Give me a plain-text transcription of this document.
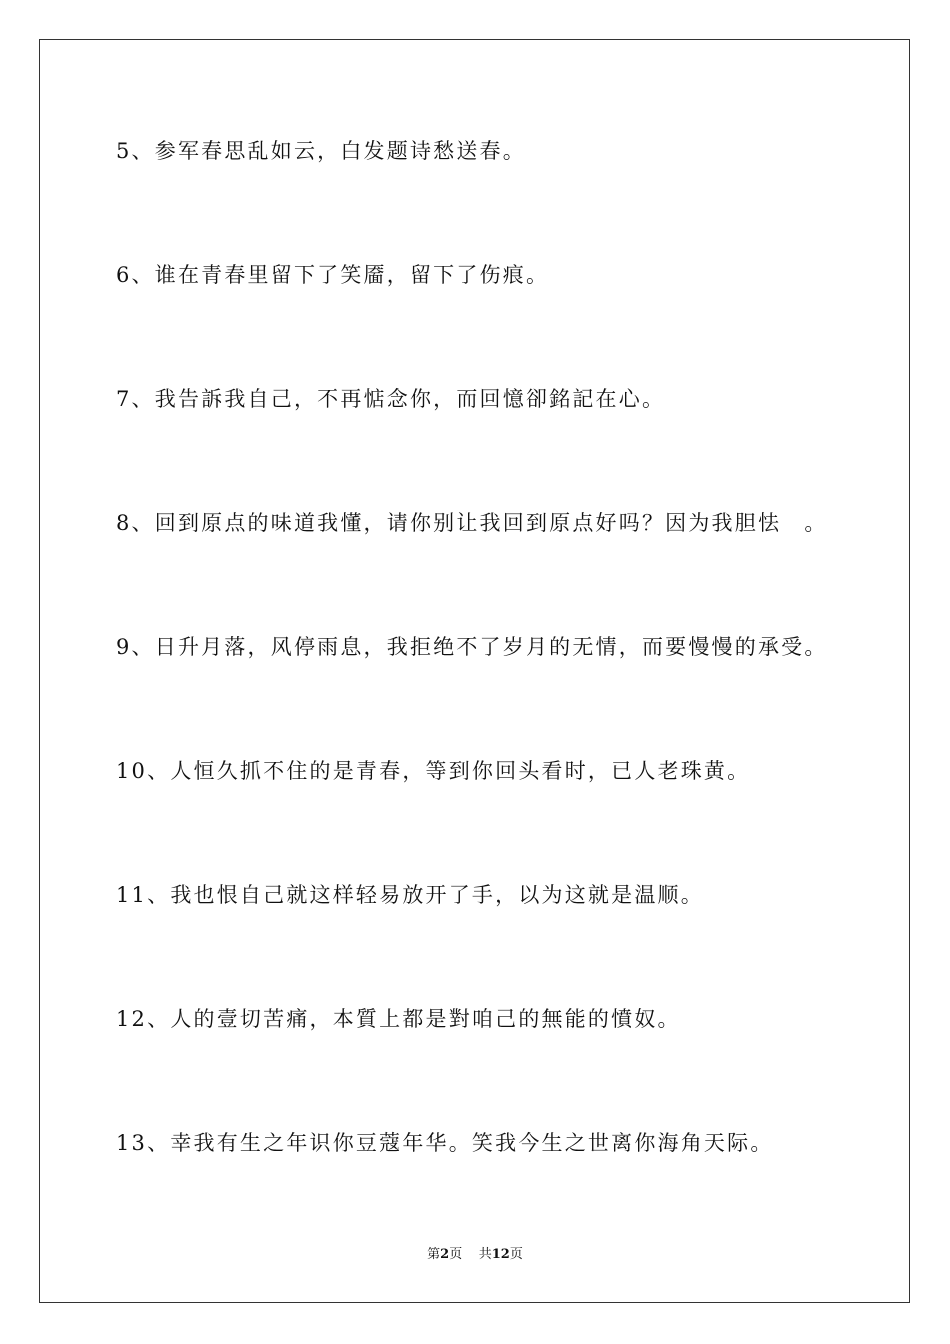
5、参军春思乱如云，白发题诗愁送春。
6、谁在青春里留下了笑靥，留下了伤痕。
7、我告訴我自己，不再惦念你，而回憶卻銘記在心。
8、回到原点的味道我懂，请你别让我回到原点好吗？因为我胆怯　。
9、日升月落，风停雨息，我拒绝不了岁月的无情，而要慢慢的承受。
10、人恒久抓不住的是青春，等到你回头看时，已人老珠黄。
11、我也恨自己就这样轻易放开了手，以为这就是温顺。
12、人的壹切苦痛，本質上都是對咱己的無能的憤奴。
13、幸我有生之年识你豆蔻年华。笑我今生之世离你海角天际。
第2页 共12页
